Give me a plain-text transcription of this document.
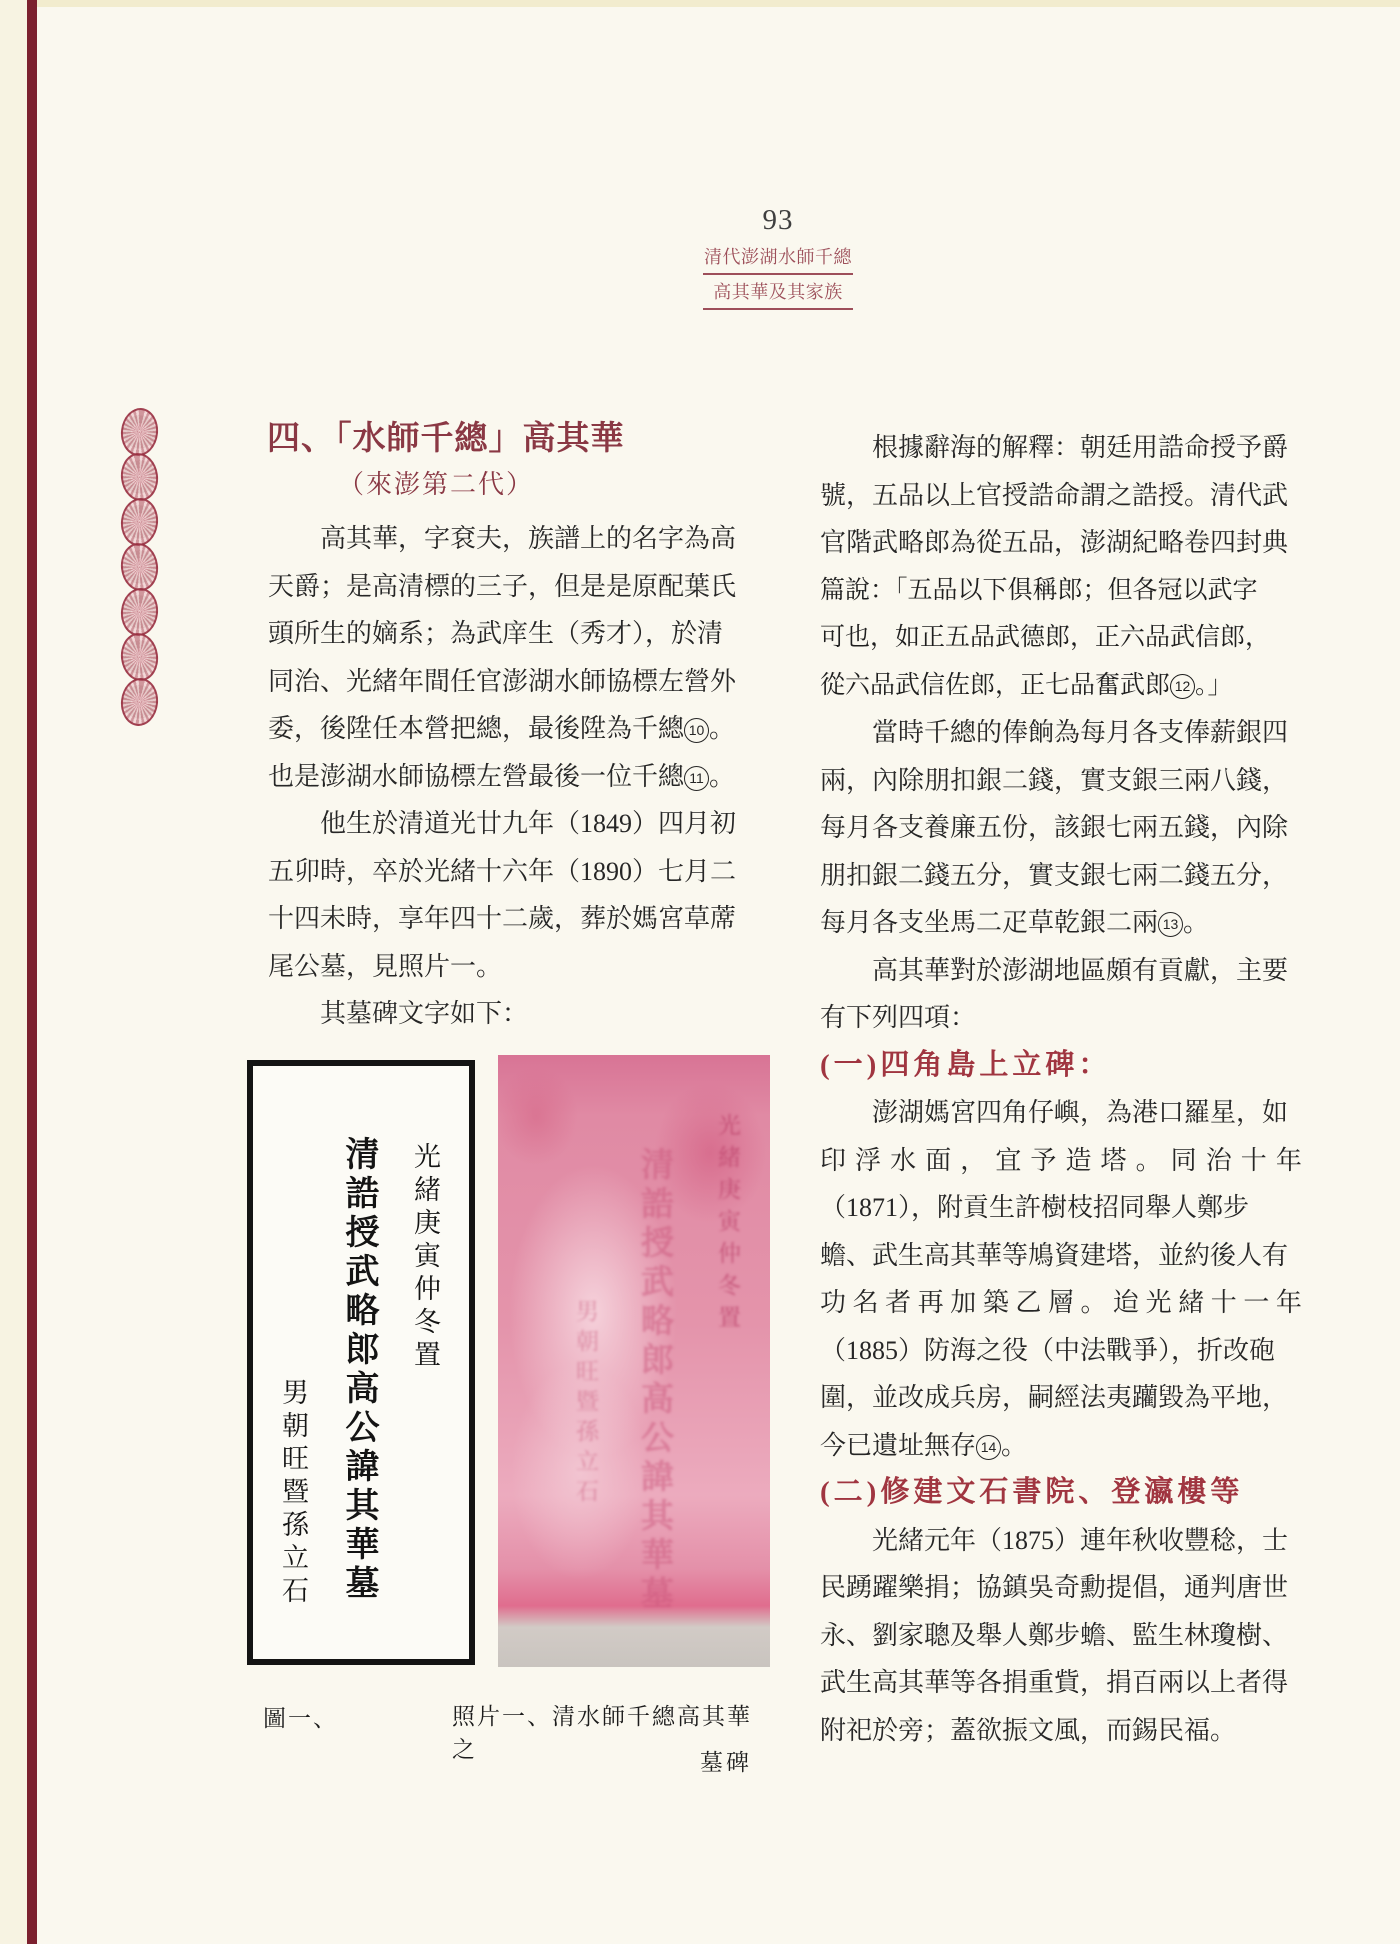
93
清代澎湖水師千總
高其華及其家族
四、「水師千總」高其華
（來澎第二代）
　　高其華，字袞夫，族譜上的名字為高
天爵；是高清標的三子，但是是原配葉氏
頭所生的嫡系；為武庠生（秀才），於清
同治、光緒年間任官澎湖水師協標左營外
委，後陞任本營把總，最後陞為千總 10 。
也是澎湖水師協標左營最後一位千總 11 。
　　他生於清道光廿九年（1849）四月初
五卯時，卒於光緒十六年（1890）七月二
十四未時，享年四十二歲，葬於媽宮草蓆
尾公墓，見照片一。
　　其墓碑文字如下：
　　根據辭海的解釋：朝廷用誥命授予爵
號，五品以上官授誥命謂之誥授。清代武
官階武略郎為從五品，澎湖紀略卷四封典
篇說：「五品以下俱稱郎；但各冠以武字
可也，如正五品武德郎，正六品武信郎，
從六品武信佐郎，正七品奮武郎 12 。」
　　當時千總的俸餉為每月各支俸薪銀四
兩，內除朋扣銀二錢，實支銀三兩八錢，
每月各支養廉五份，該銀七兩五錢，內除
朋扣銀二錢五分，實支銀七兩二錢五分，
每月各支坐馬二疋草乾銀二兩 13 。
　　高其華對於澎湖地區頗有貢獻，主要
有下列四項：
(一)四角島上立碑：
　　澎湖媽宮四角仔嶼，為港口羅星，如
印 浮 水 面 ， 宜 予 造 塔 。 同 治 十 年
（1871），附貢生許樹枝招同舉人鄭步
蟾、武生高其華等鳩資建塔，並約後人有
功 名 者 再 加 築 乙 層 。 迨 光 緒 十 一 年
（1885）防海之役（中法戰爭），折改砲
圍，並改成兵房，嗣經法夷躪毀為平地，
今已遺址無存 14 。
(二)修建文石書院、登瀛樓等
　　光緒元年（1875）連年秋收豐稔，士
民踴躍樂捐；協鎮吳奇勳提倡，通判唐世
永、劉家聰及舉人鄭步蟾、監生林瓊樹、
武生高其華等各捐重貲，捐百兩以上者得
附祀於旁；蓋欲振文風，而錫民福。
光緒庚寅仲冬置
清誥授武略郎高公諱其華墓
男朝旺暨孫立石
光緒庚寅仲冬置
清誥授武略郎高公諱其華墓
男朝旺暨孫立石
圖一、	照片一、清水師千總高其華之
墓碑
